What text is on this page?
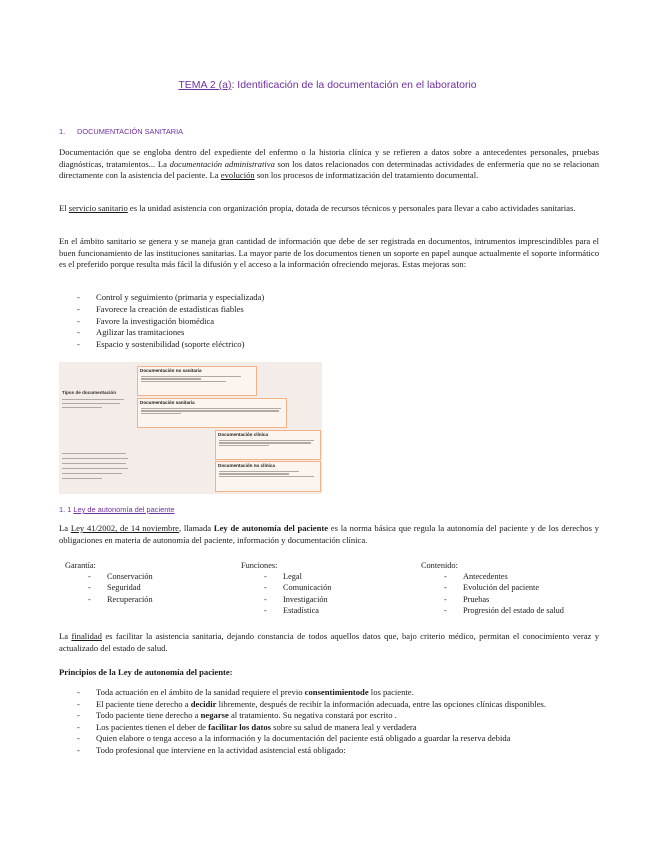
TEMA 2 (a): Identificación de la documentación en el laboratorio
1. DOCUMENTACIÓN SANITARIA

Documentación que se engloba dentro del expediente del enfermo o la historia clínica y se refieren a datos sobre a antecedentes personales, pruebas diagnósticas, tratamientos... La documentación administrativa son los datos relacionados con determinadas actividades de enfermería que no se relacionan directamente con la asistencia del paciente. La evolución son los procesos de informatización del tratamiento documental.

El servicio sanitario es la unidad asistencia con organización propia, dotada de recursos técnicos y personales para llevar a cabo actividades sanitarias.

En el ámbito sanitario se genera y se maneja gran cantidad de información que debe de ser registrada en documentos, intrumentos imprescindibles para el buen funcionamiento de las instituciones sanitarias. La mayor parte de los documentos tienen un soporte en papel aunque actualmente el soporte informático es el preferido porque resulta más fácil la difusión y el acceso a la información ofreciendo mejoras. Estas mejoras son:

- Control y seguimiento (primaria y especializada)
- Favorece la creación de estadísticas fiables
- Favore la investigación biomédica
- Agilizar las tramitaciones
- Espacio y sostenibilidad (soporte eléctrico)
Tipos de documentación
Documentación no sanitaria
Documentación sanitaria
Documentación clínica
Documentación no clínica
1. 1 Ley de autonomía del paciente

La Ley 41/2002, de 14 noviembre, llamada Ley de autonomía del paciente es la norma básica que regula la autonomía del paciente y de los derechos y obligaciones en materia de autonomía del paciente, información y documentación clínica.

Garantía:
- Conservación
- Seguridad
- Recuperación
Funciones:
- Legal
- Comunicación
- Investigación
- Estadística
Contenido:
- Antecedentes
- Evolución del paciente
- Pruebas
- Progresión del estado de salud

La finalidad es facilitar la asistencia sanitaria, dejando constancia de todos aquellos datos que, bajo criterio médico, permitan el conocimiento veraz y actualizado del estado de salud.

Principios de la Ley de autonomía del paciente:
- Toda actuación en el ámbito de la sanidad requiere el previo consentimientode los paciente.
- El paciente tiene derecho a decidir libremente, después de recibir la información adecuada, entre las opciones clínicas disponibles.
- Todo paciente tiene derecho a negarse al tratamiento. Su negativa constará por escrito .
- Los pacientes tienen el deber de facilitar los datos sobre su salud de manera leal y verdadera
- Quien elabore o tenga acceso a la información y la documentación del paciente está obligado a guardar la reserva debida
- Todo profesional que interviene en la actividad asistencial está obligado:
